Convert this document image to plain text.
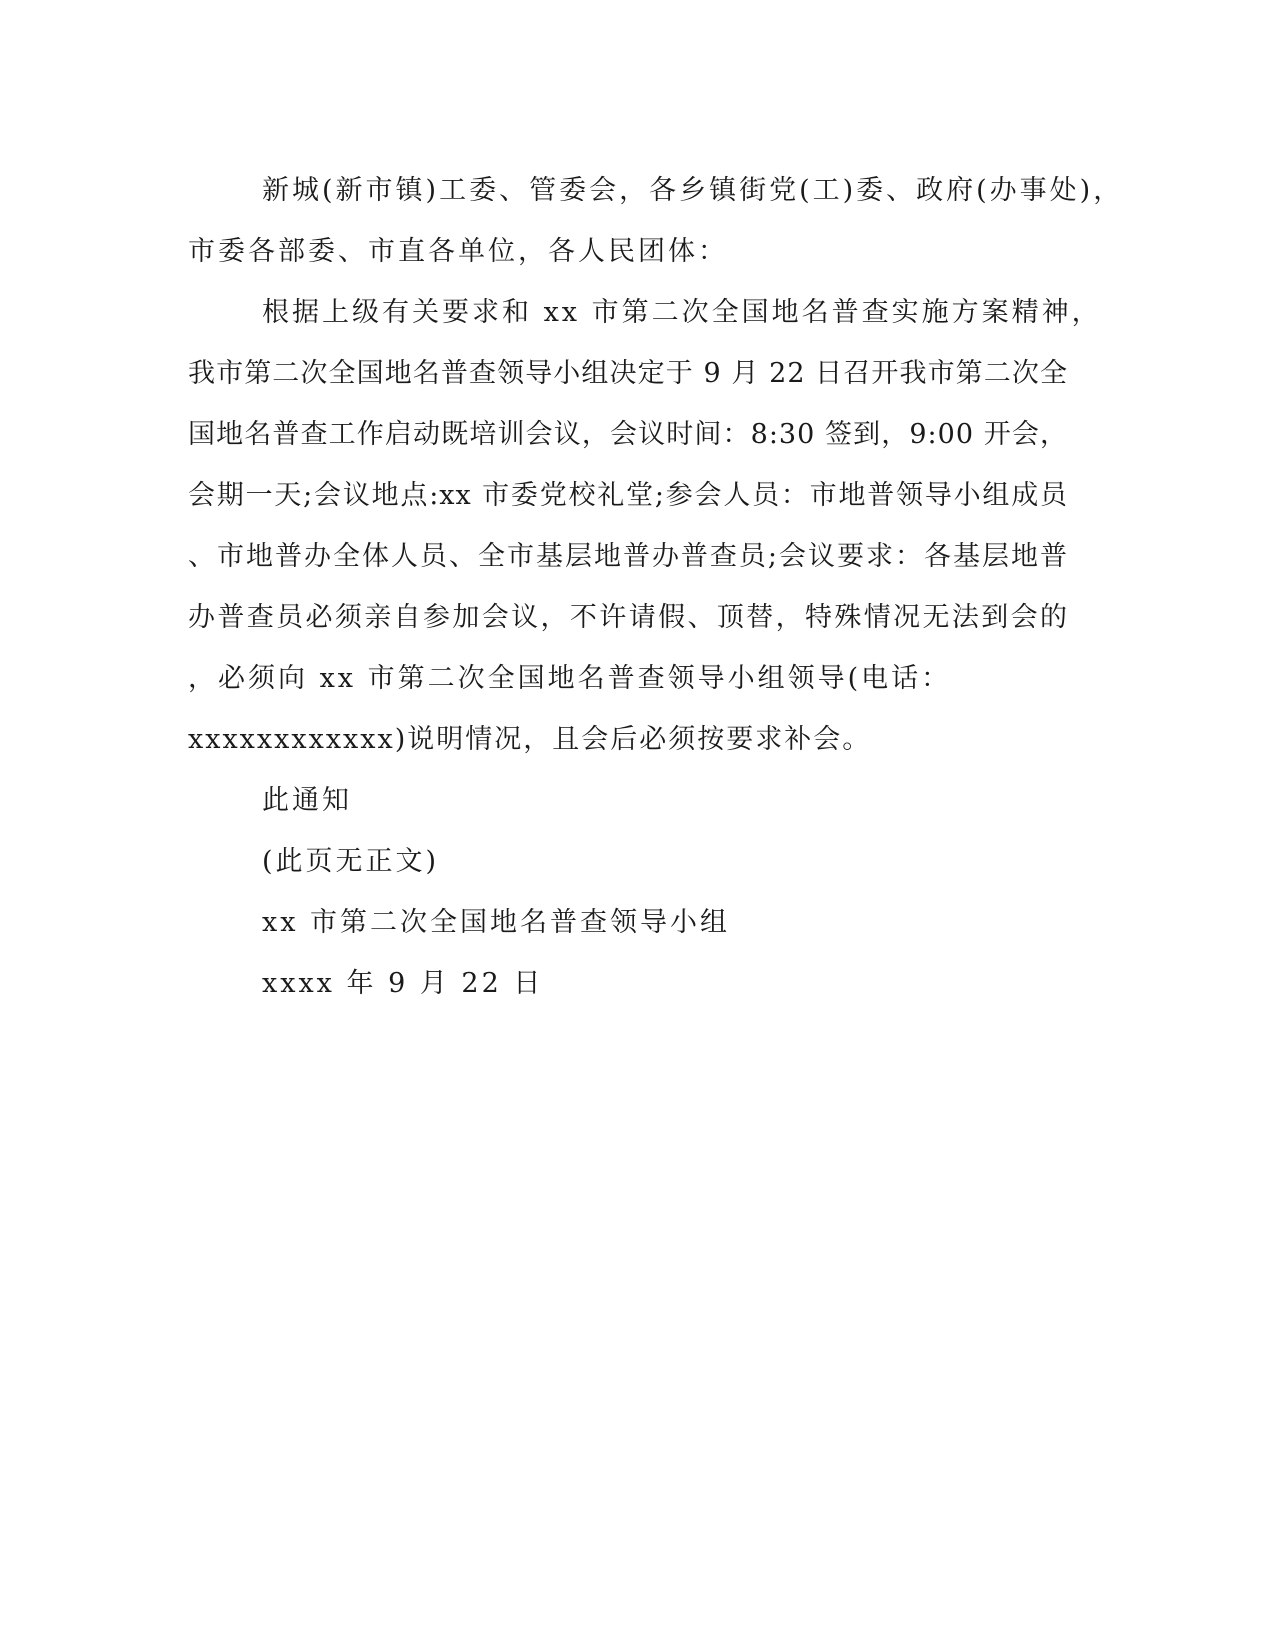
新城(新市镇)工委、管委会，各乡镇街党(工)委、政府(办事处)，
市委各部委、市直各单位，各人民团体：
根据上级有关要求和 xx 市第二次全国地名普查实施方案精神，
我市第二次全国地名普查领导小组决定于 9 月 22 日召开我市第二次全
国地名普查工作启动既培训会议，会议时间：8:30 签到，9:00 开会，
会期一天;会议地点:xx 市委党校礼堂;参会人员：市地普领导小组成员
、市地普办全体人员、全市基层地普办普查员;会议要求：各基层地普
办普查员必须亲自参加会议，不许请假、顶替，特殊情况无法到会的
，必须向 xx 市第二次全国地名普查领导小组领导(电话：
xxxxxxxxxxxx)说明情况，且会后必须按要求补会。
此通知
(此页无正文)
xx 市第二次全国地名普查领导小组
xxxx 年 9 月 22 日
